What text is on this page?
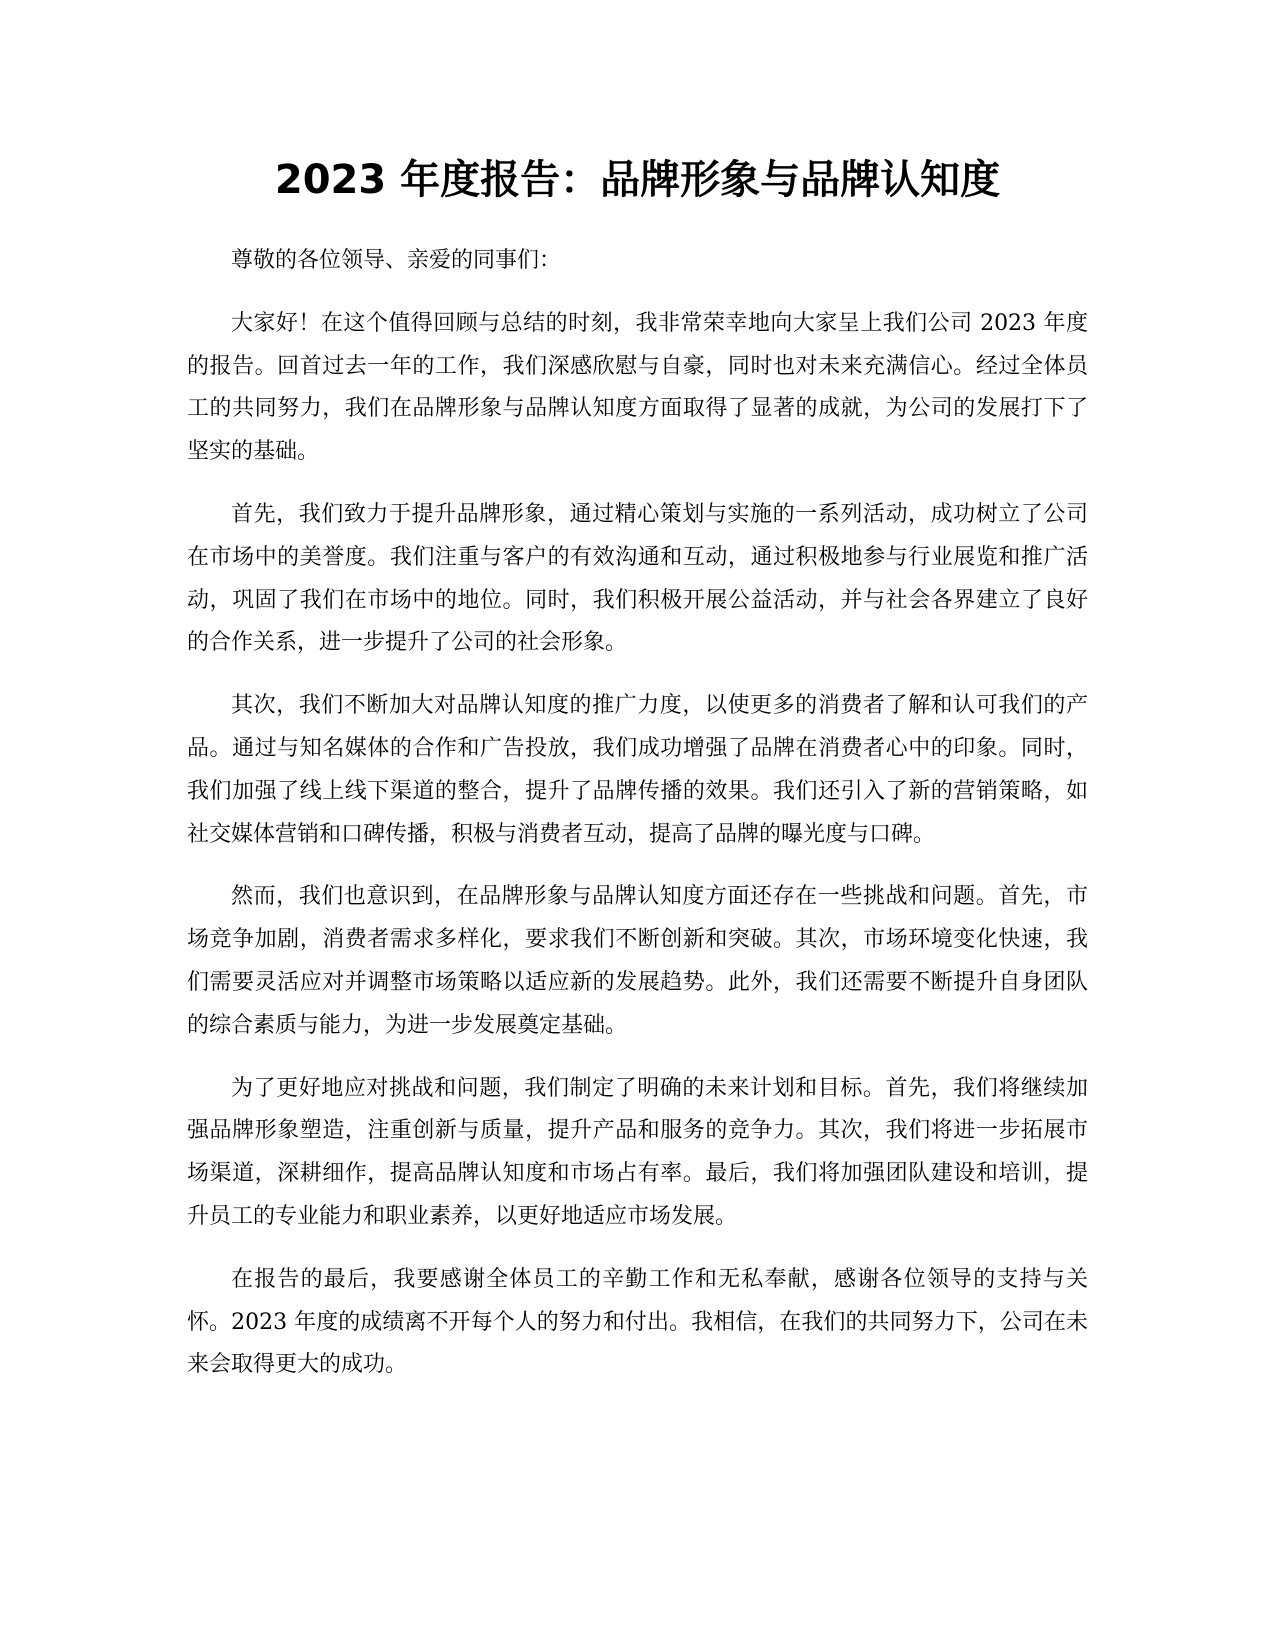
2023 年度报告：品牌形象与品牌认知度

尊敬的各位领导、亲爱的同事们：

大家好！在这个值得回顾与总结的时刻，我非常荣幸地向大家呈上我们公司 2023 年度的报告。回首过去一年的工作，我们深感欣慰与自豪，同时也对未来充满信心。经过全体员工的共同努力，我们在品牌形象与品牌认知度方面取得了显著的成就，为公司的发展打下了坚实的基础。

首先，我们致力于提升品牌形象，通过精心策划与实施的一系列活动，成功树立了公司在市场中的美誉度。我们注重与客户的有效沟通和互动，通过积极地参与行业展览和推广活动，巩固了我们在市场中的地位。同时，我们积极开展公益活动，并与社会各界建立了良好的合作关系，进一步提升了公司的社会形象。

其次，我们不断加大对品牌认知度的推广力度，以使更多的消费者了解和认可我们的产品。通过与知名媒体的合作和广告投放，我们成功增强了品牌在消费者心中的印象。同时，我们加强了线上线下渠道的整合，提升了品牌传播的效果。我们还引入了新的营销策略，如社交媒体营销和口碑传播，积极与消费者互动，提高了品牌的曝光度与口碑。

然而，我们也意识到，在品牌形象与品牌认知度方面还存在一些挑战和问题。首先，市场竞争加剧，消费者需求多样化，要求我们不断创新和突破。其次，市场环境变化快速，我们需要灵活应对并调整市场策略以适应新的发展趋势。此外，我们还需要不断提升自身团队的综合素质与能力，为进一步发展奠定基础。

为了更好地应对挑战和问题，我们制定了明确的未来计划和目标。首先，我们将继续加强品牌形象塑造，注重创新与质量，提升产品和服务的竞争力。其次，我们将进一步拓展市场渠道，深耕细作，提高品牌认知度和市场占有率。最后，我们将加强团队建设和培训，提升员工的专业能力和职业素养，以更好地适应市场发展。

在报告的最后，我要感谢全体员工的辛勤工作和无私奉献，感谢各位领导的支持与关怀。2023 年度的成绩离不开每个人的努力和付出。我相信，在我们的共同努力下，公司在未来会取得更大的成功。
